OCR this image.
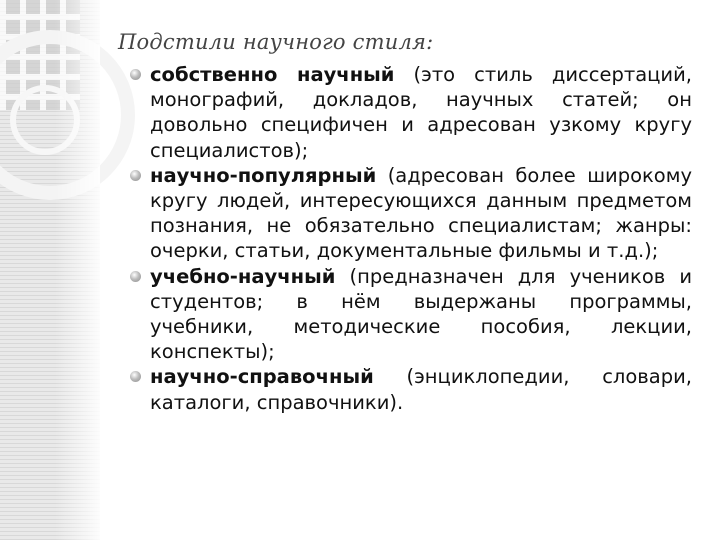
Подстили научного стиля:
собственно научный (это стиль диссертаций, монографий, докладов, научных статей; он довольно специфичен и адресован узкому кругу специалистов);
научно-популярный (адресован более широкому кругу людей, интересующихся данным предметом познания, не обязательно специалистам; жанры: очерки, статьи, документальные фильмы и т.д.);
учебно-научный (предназначен для учеников и студентов; в нём выдержаны программы, учебники, методические пособия, лекции, конспекты);
научно-справочный (энциклопедии, словари, каталоги, справочники).
